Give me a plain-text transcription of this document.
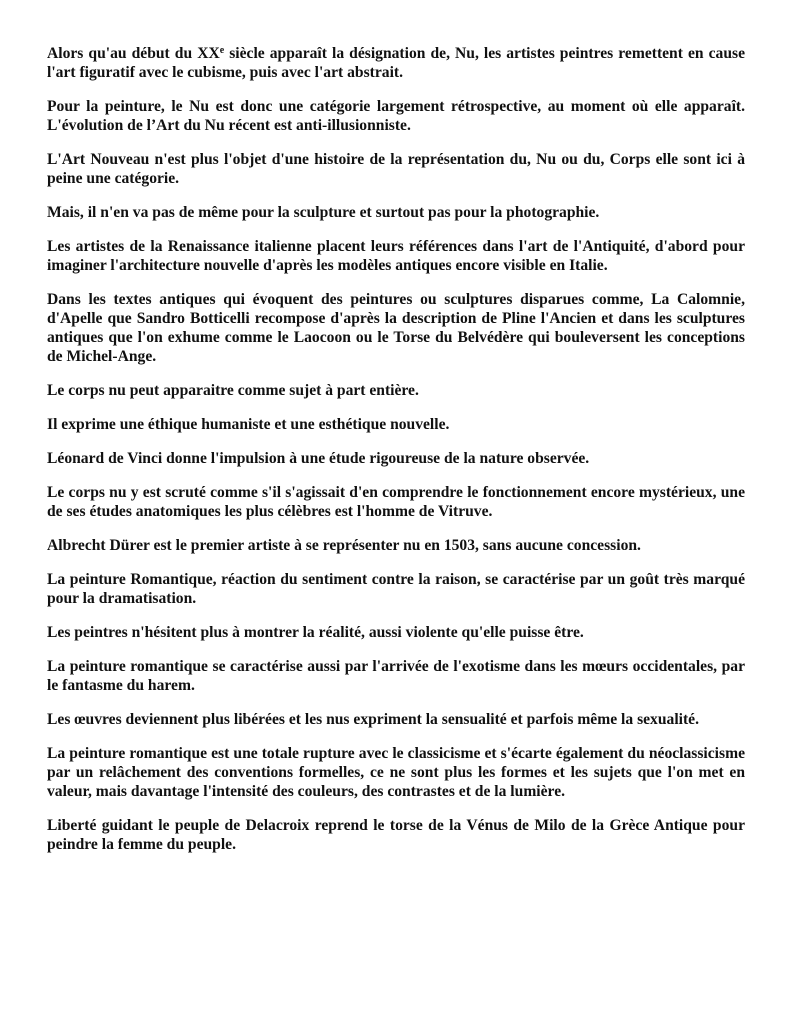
Alors qu'au début du XXe siècle apparaît la désignation de, Nu, les artistes peintres remettent en cause l'art figuratif avec le cubisme, puis avec l'art abstrait.

Pour la peinture, le Nu est donc une catégorie largement rétrospective, au moment où elle apparaît. L'évolution de l’Art du Nu récent est anti-illusionniste.

L'Art Nouveau n'est plus l'objet d'une histoire de la représentation du, Nu ou du, Corps elle sont ici à peine une catégorie.

Mais, il n'en va pas de même pour la sculpture et surtout pas pour la photographie.

Les artistes de la Renaissance italienne placent leurs références dans l'art de l'Antiquité, d'abord pour imaginer l'architecture nouvelle d'après les modèles antiques encore visible en Italie.

Dans les textes antiques qui évoquent des peintures ou sculptures disparues comme, La Calomnie, d'Apelle que Sandro Botticelli recompose d'après la description de Pline l'Ancien et dans les sculptures antiques que l'on exhume comme le Laocoon ou le Torse du Belvédère qui bouleversent les conceptions de Michel-Ange.

Le corps nu peut apparaitre comme sujet à part entière.

Il exprime une éthique humaniste et une esthétique nouvelle.

Léonard de Vinci donne l'impulsion à une étude rigoureuse de la nature observée.

Le corps nu y est scruté comme s'il s'agissait d'en comprendre le fonctionnement encore mystérieux, une de ses études anatomiques les plus célèbres est l'homme de Vitruve.

Albrecht Dürer est le premier artiste à se représenter nu en 1503, sans aucune concession.

La peinture Romantique, réaction du sentiment contre la raison, se caractérise par un goût très marqué pour la dramatisation.

Les peintres n'hésitent plus à montrer la réalité, aussi violente qu'elle puisse être.

La peinture romantique se caractérise aussi par l'arrivée de l'exotisme dans les mœurs occidentales, par le fantasme du harem.

Les œuvres deviennent plus libérées et les nus expriment la sensualité et parfois même la sexualité.

La peinture romantique est une totale rupture avec le classicisme et s'écarte également du néoclassicisme par un relâchement des conventions formelles, ce ne sont plus les formes et les sujets que l'on met en valeur, mais davantage l'intensité des couleurs, des contrastes et de la lumière.

Liberté guidant le peuple de Delacroix reprend le torse de la Vénus de Milo de la Grèce Antique pour peindre la femme du peuple.
